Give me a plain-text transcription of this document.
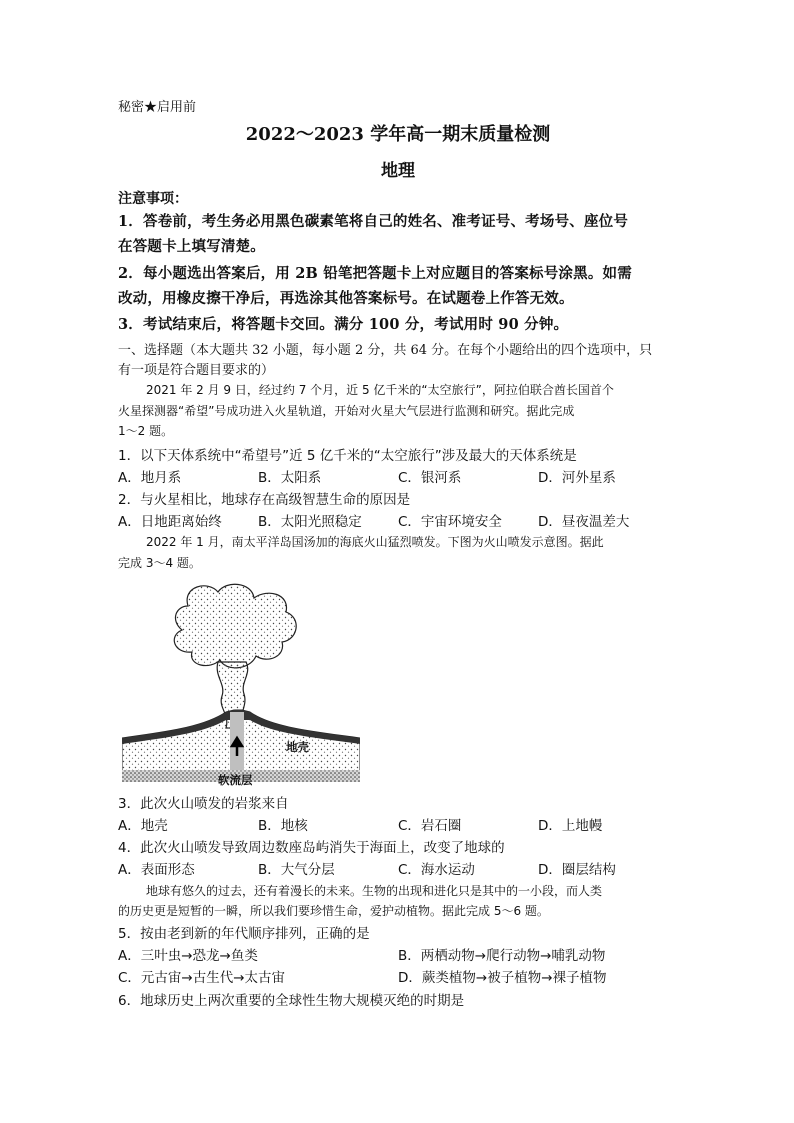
秘密★启用前
2022～2023 学年高一期末质量检测
地理
注意事项：
1．答卷前，考生务必用黑色碳素笔将自己的姓名、准考证号、考场号、座位号
在答题卡上填写清楚。
2．每小题选出答案后，用 2B 铅笔把答题卡上对应题目的答案标号涂黑。如需
改动，用橡皮擦干净后，再选涂其他答案标号。在试题卷上作答无效。
3．考试结束后，将答题卡交回。满分 100 分，考试用时 90 分钟。
一、选择题（本大题共 32 小题，每小题 2 分，共 64 分。在每个小题给出的四个选项中，只
有一项是符合题目要求的）
2021 年 2 月 9 日，经过约 7 个月，近 5 亿千米的“太空旅行”，阿拉伯联合酋长国首个
火星探测器“希望”号成功进入火星轨道，开始对火星大气层进行监测和研究。据此完成
1～2 题。
1．以下天体系统中“希望号”近 5 亿千米的“太空旅行”涉及最大的天体系统是
A．地月系	B．太阳系	C．银河系	D．河外星系
2．与火星相比，地球存在高级智慧生命的原因是
A．日地距离始终	B．太阳光照稳定	C．宇宙环境安全	D．昼夜温差大
2022 年 1 月，南太平洋岛国汤加的海底火山猛烈喷发。下图为火山喷发示意图。据此
完成 3～4 题。
地壳
软流层
3．此次火山喷发的岩浆来自
A．地壳	B．地核	C．岩石圈	D．上地幔
4．此次火山喷发导致周边数座岛屿消失于海面上，改变了地球的
A．表面形态	B．大气分层	C．海水运动	D．圈层结构
地球有悠久的过去，还有着漫长的未来。生物的出现和进化只是其中的一小段，而人类
的历史更是短暂的一瞬，所以我们要珍惜生命，爱护动植物。据此完成 5～6 题。
5．按由老到新的年代顺序排列，正确的是
A．三叶虫→恐龙→鱼类	B．两栖动物→爬行动物→哺乳动物
C．元古宙→古生代→太古宙	D．蕨类植物→被子植物→裸子植物
6．地球历史上两次重要的全球性生物大规模灭绝的时期是
